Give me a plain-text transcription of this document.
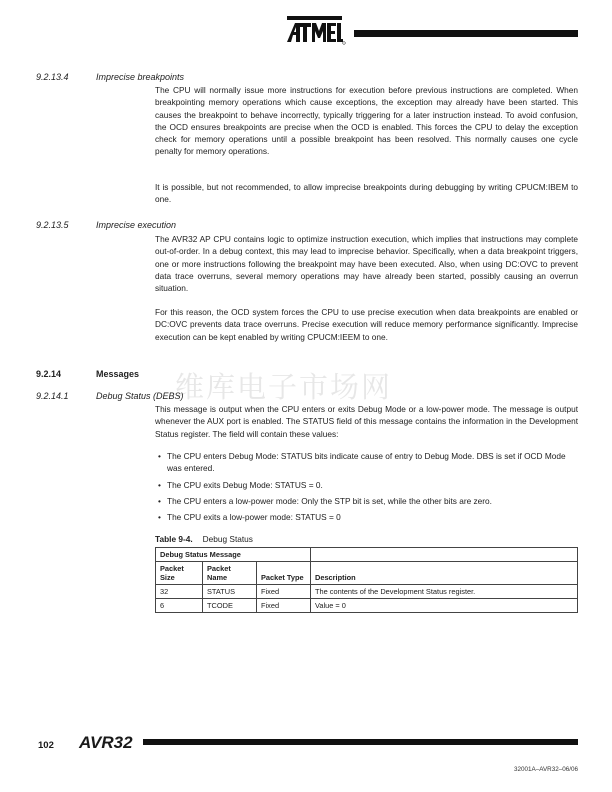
9.2.13.4	Imprecise breakpoints

The CPU will normally issue more instructions for execution before previous instructions are completed. When breakpointing memory operations which cause exceptions, the exception may already have been started. This causes the breakpoint to behave incorrectly, typically triggering for a later instruction instead. To avoid confusion, the OCD ensures breakpoints are precise when the OCD is enabled. This forces the CPU to delay the exception check for memory operations until a possible breakpoint has been resolved. This normally causes one cycle penalty for memory operations.

It is possible, but not recommended, to allow imprecise breakpoints during debugging by writing CPUCM:IBEM to one.

9.2.13.5	Imprecise execution

The AVR32 AP CPU contains logic to optimize instruction execution, which implies that instructions may complete out-of-order. In a debug context, this may lead to imprecise behavior. Specifically, when a data breakpoint triggers, one or more instructions following the breakpoint may have been executed. Also, when using DC:OVC to prevent data trace overruns, several memory operations may have already been started, possibly causing an overrun situation.

For this reason, the OCD system forces the CPU to use precise execution when data breakpoints are enabled or DC:OVC prevents data trace overruns. Precise execution will reduce memory performance significantly. Imprecise execution can be kept enabled by writing CPUCM:IEEM to one.

维库电子市场网
9.2.14	Messages
9.2.14.1	Debug Status (DEBS)

This message is output when the CPU enters or exits Debug Mode or a low-power mode. The message is output whenever the AUX port is enabled. The STATUS field of this message contains the information in the Development Status register. The field will contain these values:

• The CPU enters Debug Mode: STATUS bits indicate cause of entry to Debug Mode. DBS is set if OCD Mode was entered.
• The CPU exits Debug Mode: STATUS = 0.
• The CPU enters a low-power mode: Only the STP bit is set, while the other bits are zero.
• The CPU exits a low-power mode: STATUS = 0
Table 9-4. Debug Status
Debug Status Message			
Packet Size	Packet Name	Packet Type	Description
32	STATUS	Fixed	The contents of the Development Status register.
6	TCODE	Fixed	Value = 0
102 AVR32
32001A–AVR32–06/06
